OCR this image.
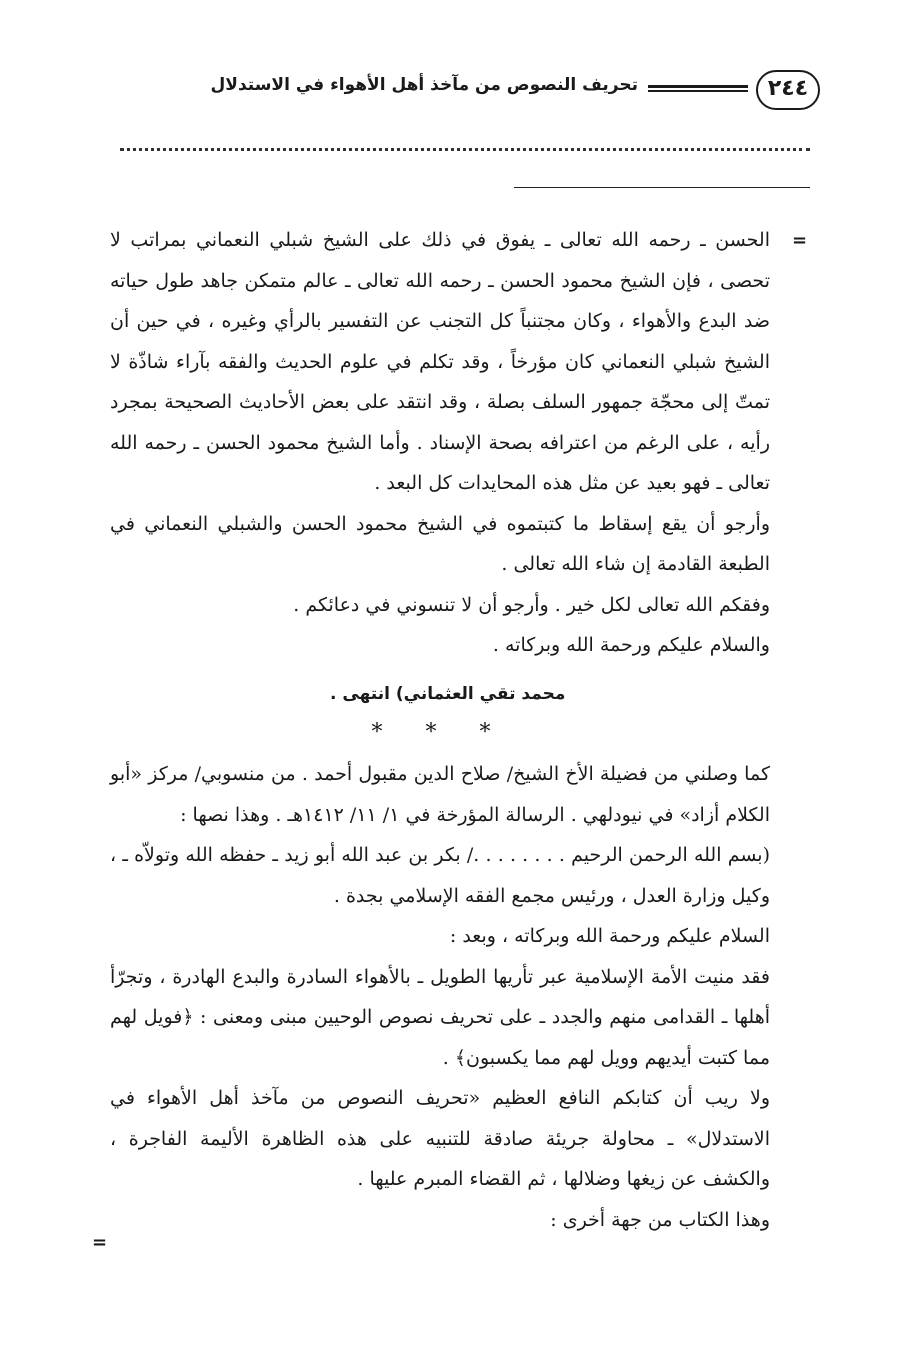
٢٤٤
تحريف النصوص من مآخذ أهل الأهواء في الاستدلال
=
=

الحسن ـ رحمه الله تعالى ـ يفوق في ذلك على الشيخ شبلي النعماني بمراتب لا تحصى ، فإن الشيخ محمود الحسن ـ رحمه الله تعالى ـ عالم متمكن جاهد طول حياته ضد البدع والأهواء ، وكان مجتنباً كل التجنب عن التفسير بالرأي وغيره ، في حين أن الشيخ شبلي النعماني كان مؤرخاً ، وقد تكلم في علوم الحديث والفقه بآراء شاذّة لا تمتّ إلى محجّة جمهور السلف بصلة ، وقد انتقد على بعض الأحاديث الصحيحة بمجرد رأيه ، على الرغم من اعترافه بصحة الإسناد . وأما الشيخ محمود الحسن ـ رحمه الله تعالى ـ فهو بعيد عن مثل هذه المحايدات كل البعد .

وأرجو أن يقع إسقاط ما كتبتموه في الشيخ محمود الحسن والشبلي النعماني في الطبعة القادمة إن شاء الله تعالى .

وفقكم الله تعالى لكل خير . وأرجو أن لا تنسوني في دعائكم .

والسلام عليكم ورحمة الله وبركاته .

محمد تقي العثماني) انتهى .

* * *

كما وصلني من فضيلة الأخ الشيخ/ صلاح الدين مقبول أحمد . من منسوبي/ مركز «أبو الكلام أزاد» في نيودلهي . الرسالة المؤرخة في ١/ ١١/ ١٤١٢هـ . وهذا نصها :

(بسم الله الرحمن الرحيم . . . . . . . ./ بكر بن عبد الله أبو زيد ـ حفظه الله وتولاّه ـ ، وكيل وزارة العدل ، ورئيس مجمع الفقه الإسلامي بجدة .

السلام عليكم ورحمة الله وبركاته ، وبعد :

فقد منيت الأمة الإسلامية عبر تأريها الطويل ـ بالأهواء السادرة والبدع الهادرة ، وتجرّأ أهلها ـ القدامى منهم والجدد ـ على تحريف نصوص الوحيين مبنى ومعنى : ﴿فويل لهم مما كتبت أيديهم وويل لهم مما يكسبون﴾ .

ولا ريب أن كتابكم النافع العظيم «تحريف النصوص من مآخذ أهل الأهواء في الاستدلال» ـ محاولة جريئة صادقة للتنبيه على هذه الظاهرة الأليمة الفاجرة ، والكشف عن زيغها وضلالها ، ثم القضاء المبرم عليها .

وهذا الكتاب من جهة أخرى :
